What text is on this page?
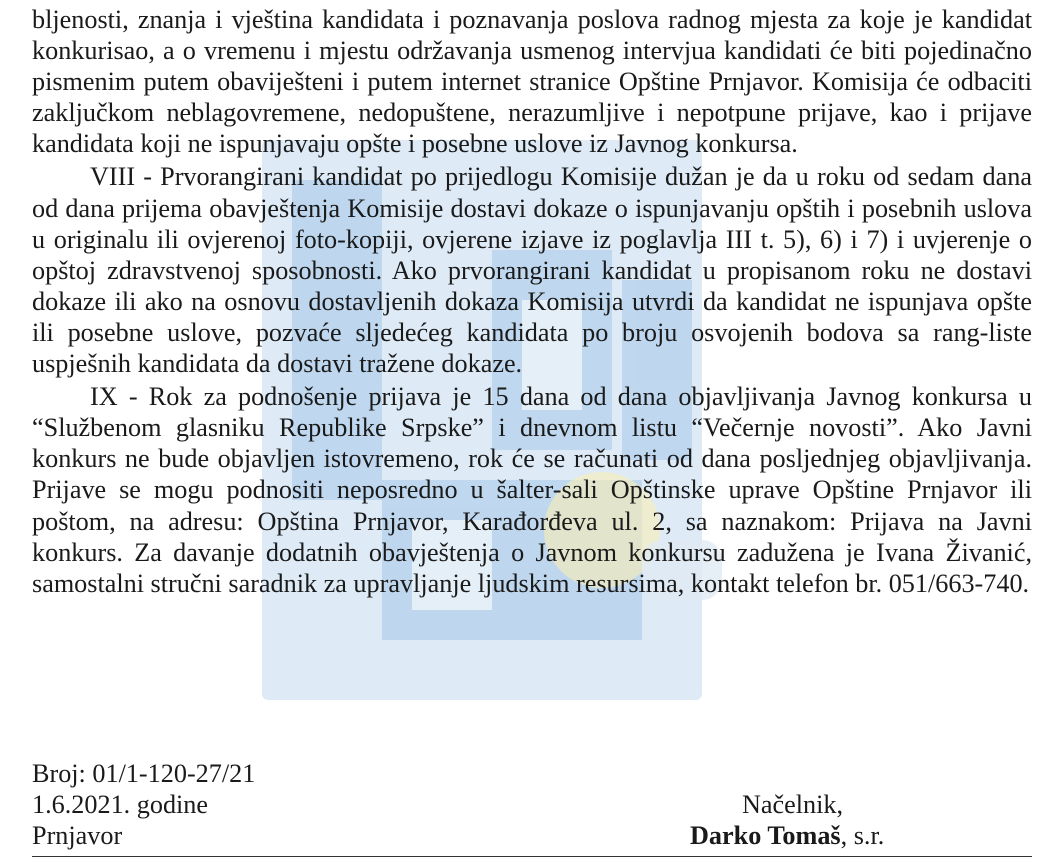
bljenosti, znanja i vještina kandidata i poznavanja poslova radnog mjesta za koje je kandidat konkurisao, a o vremenu i mjestu održavanja usmenog intervjua kandidati će biti pojedinačno pismenim putem obaviješteni i putem internet stranice Opštine Prnjavor. Komisija će odbaciti zaključkom neblagovremene, nedopuštene, nerazumljive i nepotpune prijave, kao i prijave kandidata koji ne ispunjavaju opšte i posebne uslove iz Javnog konkursa.

VIII - Prvorangirani kandidat po prijedlogu Komisije dužan je da u roku od sedam dana od dana prijema obavještenja Komisije dostavi dokaze o ispunjavanju opštih i posebnih uslova u originalu ili ovjerenoj foto-kopiji, ovjerene izjave iz poglavlja III t. 5), 6) i 7) i uvjerenje o opštoj zdravstvenoj sposobnosti. Ako prvorangirani kandidat u propisanom roku ne dostavi dokaze ili ako na osnovu dostavljenih dokaza Komisija utvrdi da kandidat ne ispunjava opšte ili posebne uslove, pozvaće sljedećeg kandidata po broju osvojenih bodova sa rang-liste uspješnih kandidata da dostavi tražene dokaze.

IX - Rok za podnošenje prijava je 15 dana od dana objavljivanja Javnog konkursa u “Službenom glasniku Republike Srpske” i dnevnom listu “Večernje novosti”. Ako Javni konkurs ne bude objavljen istovremeno, rok će se računati od dana posljednjeg objavljivanja. Prijave se mogu podnositi neposredno u šalter-sali Opštinske uprave Opštine Prnjavor ili poštom, na adresu: Opština Prnjavor, Karađorđeva ul. 2, sa naznakom: Prijava na Javni konkurs. Za davanje dodatnih obavještenja o Javnom konkursu zadužena je Ivana Živanić, samostalni stručni saradnik za upravljanje ljudskim resursima, kontakt telefon br. 051/663-740.

Broj: 01/1-120-27/21
1.6.2021. godine	Načelnik,
Prnjavor	Darko Tomaš, s.r.
